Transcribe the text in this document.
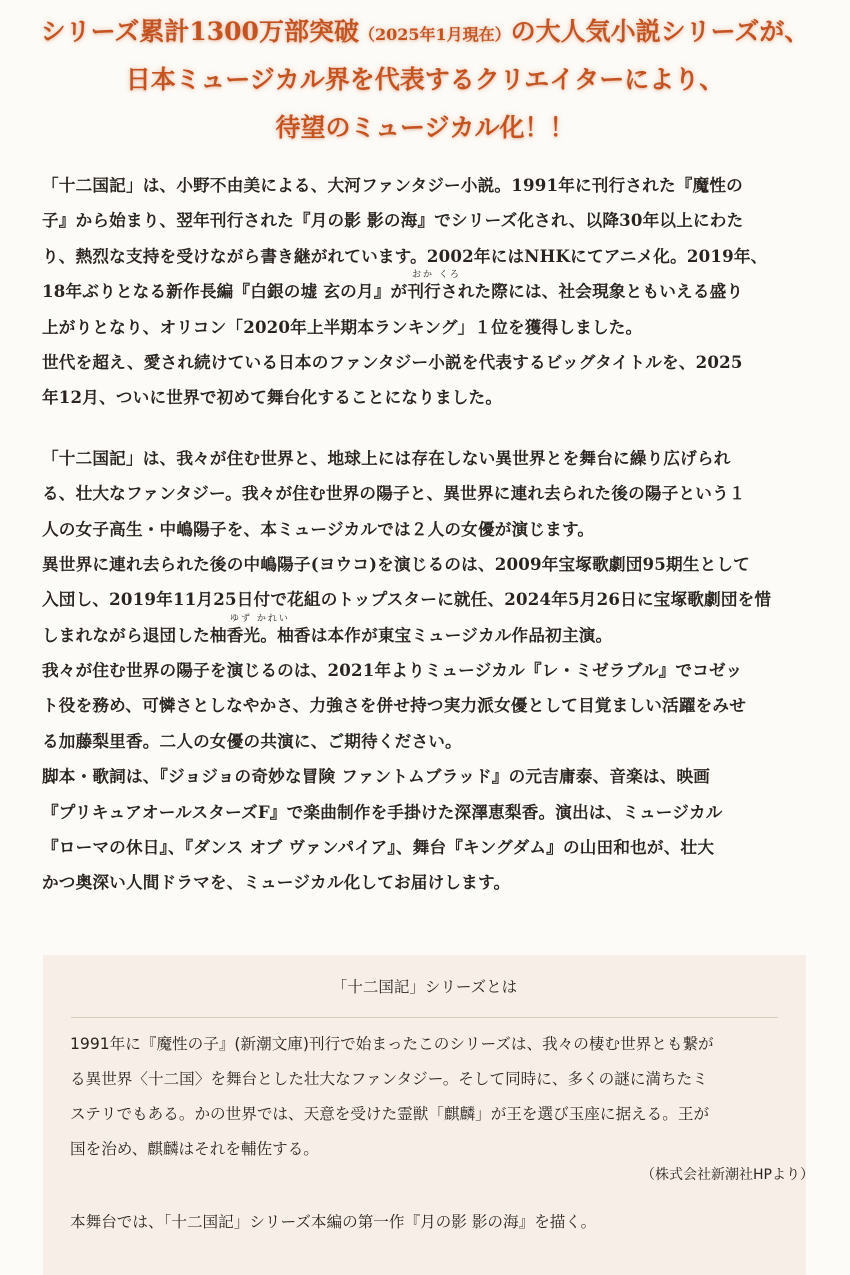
シリーズ累計1300万部突破（2025年1月現在）の大人気小説シリーズが、
日本ミュージカル界を代表するクリエイターにより、
待望のミュージカル化！！
「十二国記」は、小野不由美による、大河ファンタジー小説。1991年に刊行された『魔性の
子』から始まり、翌年刊行された『月の影 影の海』でシリーズ化され、以降30年以上にわた
り、熱烈な支持を受けながら書き継がれています。2002年にはNHKにてアニメ化。2019年、
18年ぶりとなる新作長編『白銀の墟 玄の月』が刊行された際には、社会現象ともいえる盛り
おか くろ
上がりとなり、オリコン「2020年上半期本ランキング」１位を獲得しました。
世代を超え、愛され続けている日本のファンタジー小説を代表するビッグタイトルを、2025
年12月、ついに世界で初めて舞台化することになりました。
「十二国記」は、我々が住む世界と、地球上には存在しない異世界とを舞台に繰り広げられ
る、壮大なファンタジー。我々が住む世界の陽子と、異世界に連れ去られた後の陽子という１
人の女子高生・中嶋陽子を、本ミュージカルでは２人の女優が演じます。
異世界に連れ去られた後の中嶋陽子(ヨウコ)を演じるのは、2009年宝塚歌劇団95期生として
入団し、2019年11月25日付で花組のトップスターに就任、2024年5月26日に宝塚歌劇団を惜
しまれながら退団した柚香光。柚香は本作が東宝ミュージカル作品初主演。
ゆず かれい
我々が住む世界の陽子を演じるのは、2021年よりミュージカル『レ・ミゼラブル』でコゼッ
ト役を務め、可憐さとしなやかさ、力強さを併せ持つ実力派女優として目覚ましい活躍をみせ
る加藤梨里香。二人の女優の共演に、ご期待ください。
脚本・歌詞は、『ジョジョの奇妙な冒険 ファントムブラッド』の元吉庸泰、音楽は、映画
『プリキュアオールスターズF』で楽曲制作を手掛けた深澤恵梨香。演出は、ミュージカル
『ローマの休日』、『ダンス オブ ヴァンパイア』、舞台『キングダム』の山田和也が、壮大
かつ奥深い人間ドラマを、ミュージカル化してお届けします。
「十二国記」シリーズとは
1991年に『魔性の子』(新潮文庫)刊行で始まったこのシリーズは、我々の棲む世界とも繋が
る異世界〈十二国〉を舞台とした壮大なファンタジー。そして同時に、多くの謎に満ちたミ
ステリでもある。かの世界では、天意を受けた霊獣「麒麟」が王を選び玉座に据える。王が
国を治め、麒麟はそれを輔佐する。
（株式会社新潮社HPより）
本舞台では、「十二国記」シリーズ本編の第一作『月の影 影の海』を描く。
